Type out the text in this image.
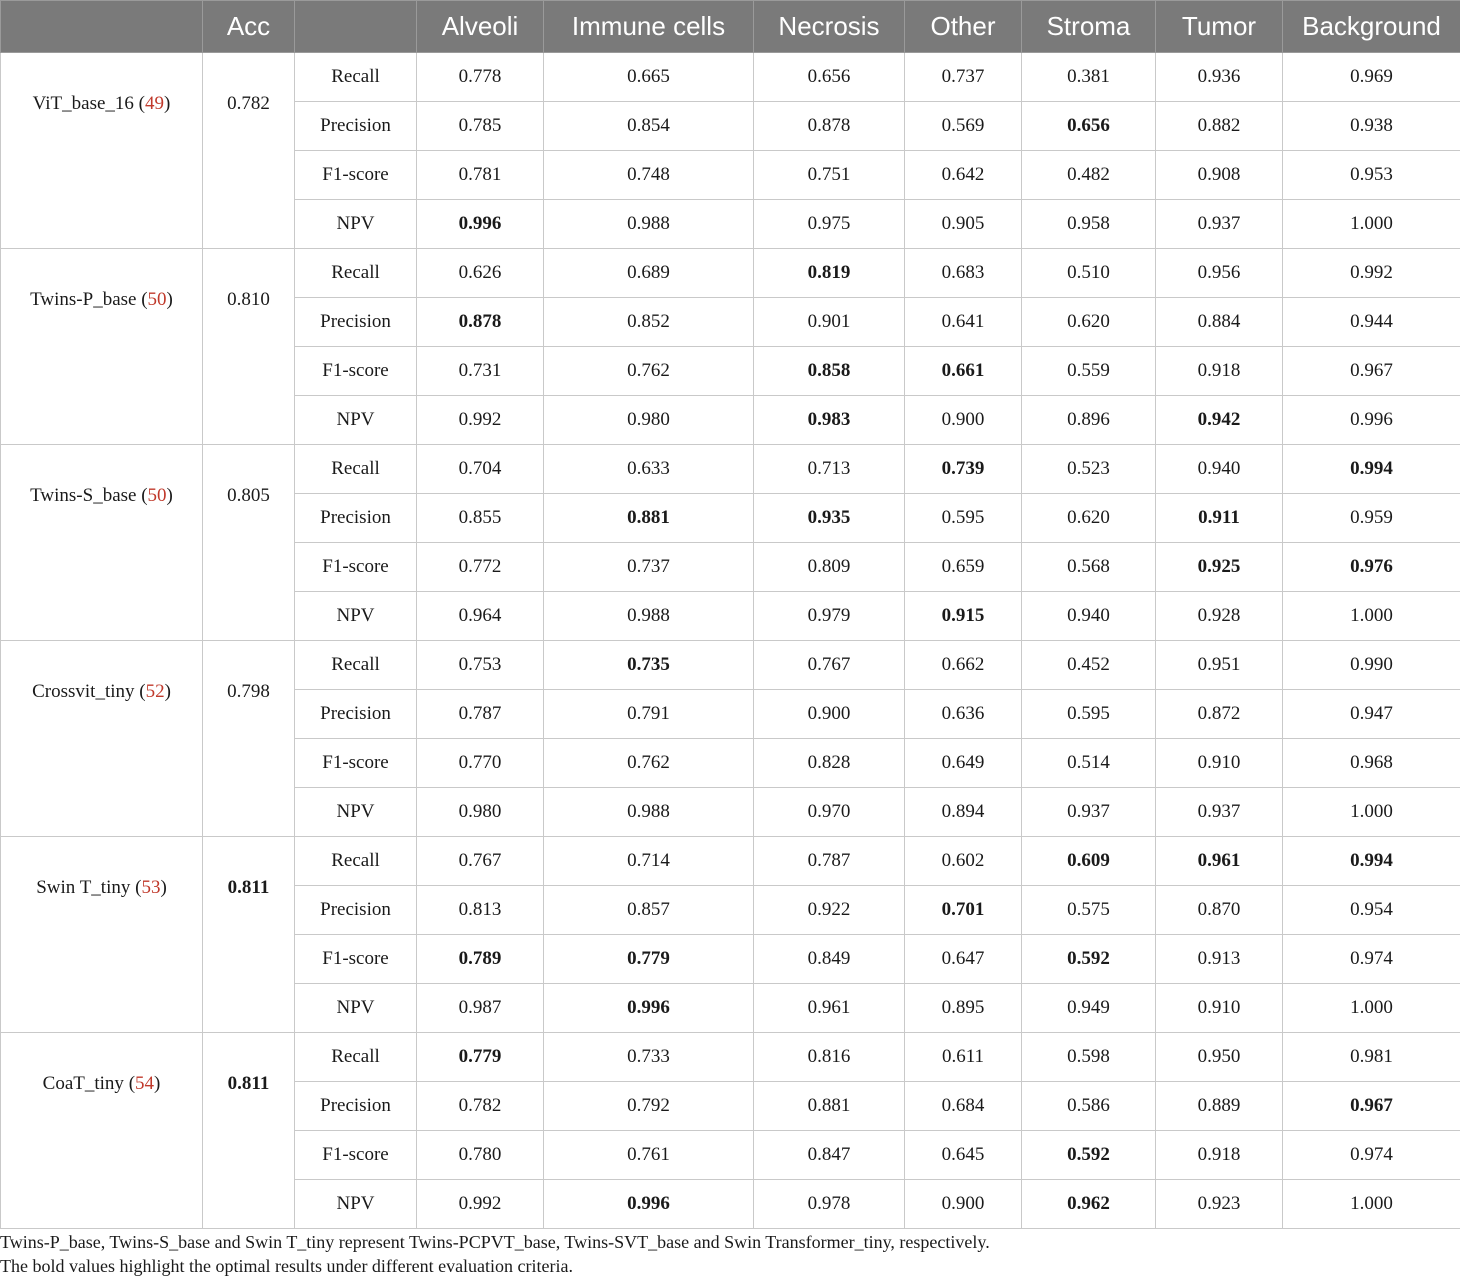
	Acc		Alveoli	Immune cells	Necrosis	Other	Stroma	Tumor	Background
ViT_base_16 (49)	0.782	Recall	0.778	0.665	0.656	0.737	0.381	0.936	0.969
		Precision	0.785	0.854	0.878	0.569	0.656	0.882	0.938
		F1-score	0.781	0.748	0.751	0.642	0.482	0.908	0.953
		NPV	0.996	0.988	0.975	0.905	0.958	0.937	1.000
Twins-P_base (50)	0.810	Recall	0.626	0.689	0.819	0.683	0.510	0.956	0.992
		Precision	0.878	0.852	0.901	0.641	0.620	0.884	0.944
		F1-score	0.731	0.762	0.858	0.661	0.559	0.918	0.967
		NPV	0.992	0.980	0.983	0.900	0.896	0.942	0.996
Twins-S_base (50)	0.805	Recall	0.704	0.633	0.713	0.739	0.523	0.940	0.994
		Precision	0.855	0.881	0.935	0.595	0.620	0.911	0.959
		F1-score	0.772	0.737	0.809	0.659	0.568	0.925	0.976
		NPV	0.964	0.988	0.979	0.915	0.940	0.928	1.000
Crossvit_tiny (52)	0.798	Recall	0.753	0.735	0.767	0.662	0.452	0.951	0.990
		Precision	0.787	0.791	0.900	0.636	0.595	0.872	0.947
		F1-score	0.770	0.762	0.828	0.649	0.514	0.910	0.968
		NPV	0.980	0.988	0.970	0.894	0.937	0.937	1.000
Swin T_tiny (53)	0.811	Recall	0.767	0.714	0.787	0.602	0.609	0.961	0.994
		Precision	0.813	0.857	0.922	0.701	0.575	0.870	0.954
		F1-score	0.789	0.779	0.849	0.647	0.592	0.913	0.974
		NPV	0.987	0.996	0.961	0.895	0.949	0.910	1.000
CoaT_tiny (54)	0.811	Recall	0.779	0.733	0.816	0.611	0.598	0.950	0.981
		Precision	0.782	0.792	0.881	0.684	0.586	0.889	0.967
		F1-score	0.780	0.761	0.847	0.645	0.592	0.918	0.974
		NPV	0.992	0.996	0.978	0.900	0.962	0.923	1.000

Twins-P_base, Twins-S_base and Swin T_tiny represent Twins-PCPVT_base, Twins-SVT_base and Swin Transformer_tiny, respectively.

The bold values highlight the optimal results under different evaluation criteria.
